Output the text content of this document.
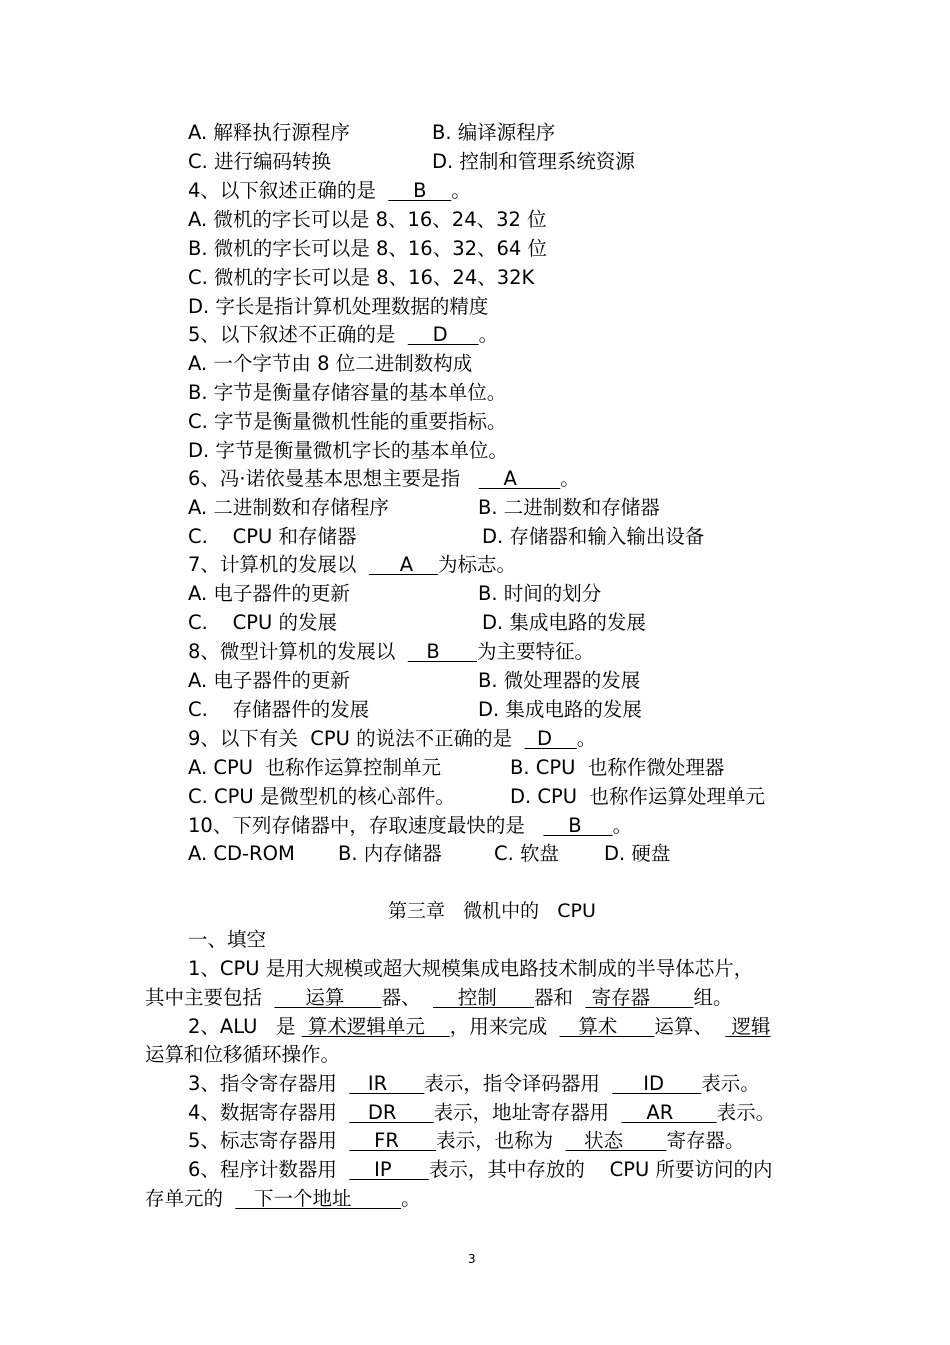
A. 解释执行源程序	B. 编译源程序
C. 进行编码转换	D. 控制和管理系统资源
4、以下叙述正确的是      B    。
A. 微机的字长可以是 8、16、24、32 位
B. 微机的字长可以是 8、16、32、64 位
C. 微机的字长可以是 8、16、24、32K
D. 字长是指计算机处理数据的精度
5、以下叙述不正确的是      D     。
A. 一个字节由 8 位二进制数构成
B. 字节是衡量存储容量的基本单位。
C. 字节是衡量微机性能的重要指标。
D. 字节是衡量微机字长的基本单位。
6、冯·诺依曼基本思想主要是指       A       。
A. 二进制数和存储程序	B. 二进制数和存储器
C.    CPU 和存储器	D. 存储器和输入输出设备
7、计算机的发展以       A    为标志。
A. 电子器件的更新	B. 时间的划分
C.    CPU 的发展	D. 集成电路的发展
8、微型计算机的发展以     B      为主要特征。
A. 电子器件的更新	B. 微处理器的发展
C.    存储器件的发展	D. 集成电路的发展
9、以下有关  CPU 的说法不正确的是    D    。
A. CPU  也称作运算控制单元	B. CPU  也称作微处理器
C. CPU 是微型机的核心部件。	D. CPU  也称作运算处理单元
10、下列存储器中，存取速度最快的是       B     。
A. CD-ROM B. 内存储器	C. 软盘 D. 硬盘
第三章   微机中的   CPU
一、填空
1、CPU 是用大规模或超大规模集成电路技术制成的半导体芯片，
其中主要包括       运算      器、      控制      器和   寄存器       组。
2、ALU   是  算术逻辑单元    ，用来完成     算术      运算、   逻辑
运算和位移循环操作。
3、指令寄存器用     IR      表示，指令译码器用       ID      表示。
4、数据寄存器用     DR      表示，地址寄存器用      AR       表示。
5、标志寄存器用      FR      表示，也称为     状态       寄存器。
6、程序计数器用      IP      表示，其中存放的    CPU 所要访问的内
存单元的     下一个地址        。
3
